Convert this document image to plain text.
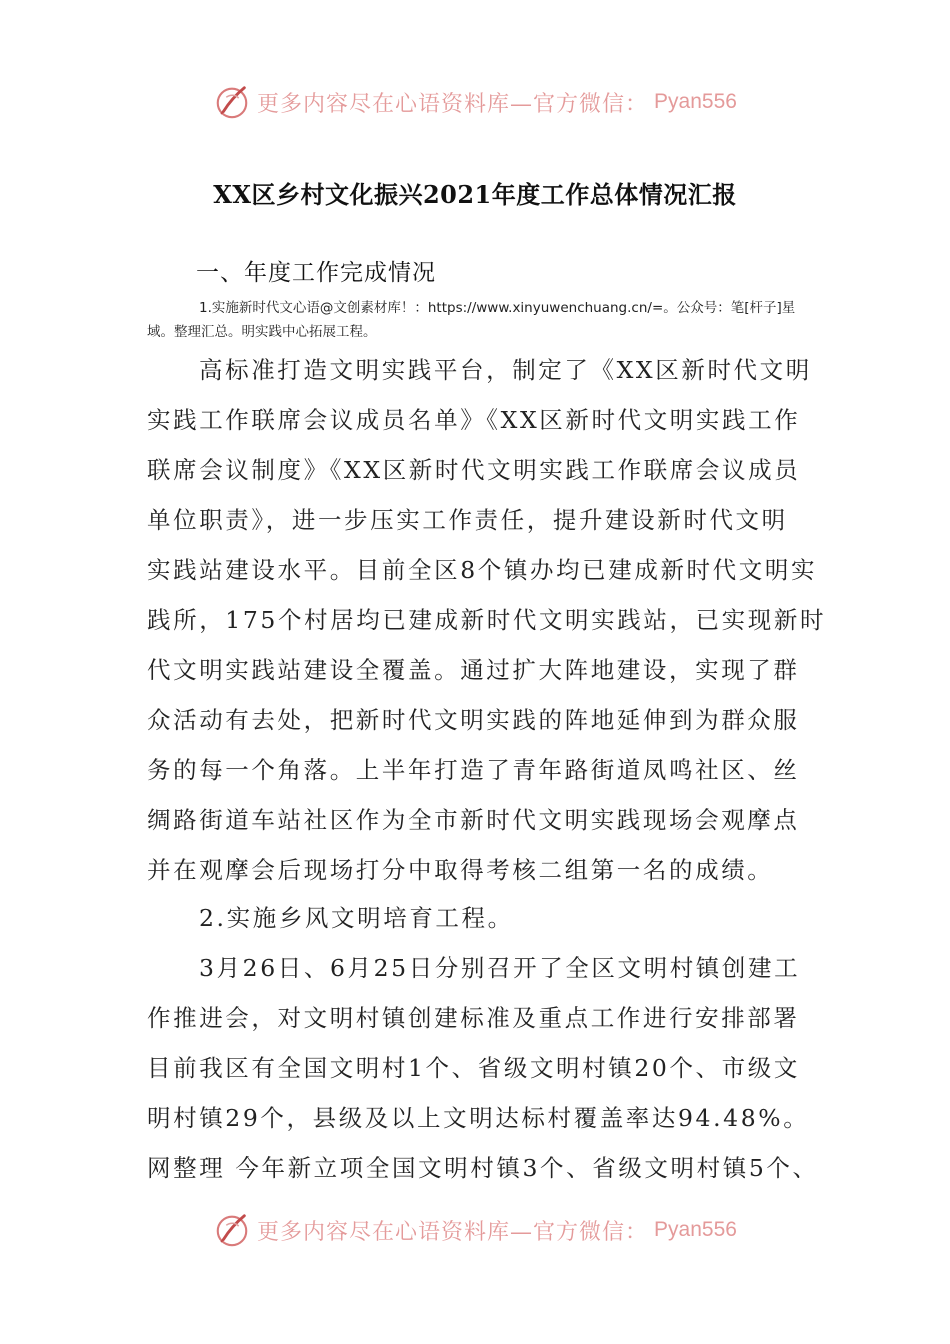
更多内容尽在心语资料库—官方微信： Pyan556
XX区乡村文化振兴2021年度工作总体情况汇报
一、年度工作完成情况
1.实施新时代文心语@文创素材库！：https://www.xinyuwenchuang.cn/=。公众号：笔[杆子]星域。整理汇总。明实践中心拓展工程。
高标准打造文明实践平台，制定了《XX区新时代文明
实践工作联席会议成员名单》《XX区新时代文明实践工作
联席会议制度》《XX区新时代文明实践工作联席会议成员
单位职责》，进一步压实工作责任，提升建设新时代文明
实践站建设水平。目前全区8个镇办均已建成新时代文明实
践所，175个村居均已建成新时代文明实践站，已实现新时
代文明实践站建设全覆盖。通过扩大阵地建设，实现了群
众活动有去处，把新时代文明实践的阵地延伸到为群众服
务的每一个角落。上半年打造了青年路街道凤鸣社区、丝
绸路街道车站社区作为全市新时代文明实践现场会观摩点
并在观摩会后现场打分中取得考核二组第一名的成绩。
2.实施乡风文明培育工程。
3月26日、6月25日分别召开了全区文明村镇创建工
作推进会，对文明村镇创建标准及重点工作进行安排部署
目前我区有全国文明村1个、省级文明村镇20个、市级文
明村镇29个，县级及以上文明达标村覆盖率达94.48%。
网整理 今年新立项全国文明村镇3个、省级文明村镇5个、
更多内容尽在心语资料库—官方微信： Pyan556
